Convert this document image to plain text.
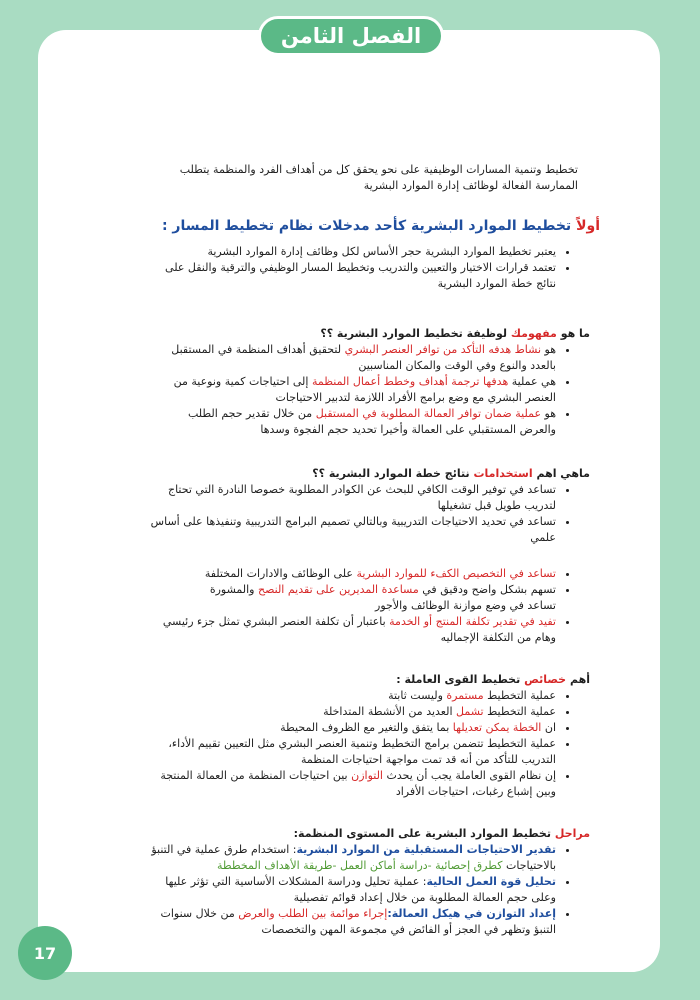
الفصل الثامن

تخطيط وتنمية المسارات الوظيفية على نحو يحقق كل من أهداف الفرد والمنظمة يتطلب الممارسة الفعالة لوظائف إدارة الموارد البشرية

أولاً تخطيط الموارد البشرية كأحد مدخلات نظام تخطيط المسار :
• يعتبر تخطيط الموارد البشرية حجر الأساس لكل وظائف إدارة الموارد البشرية
• تعتمد قرارات الاختيار والتعيين والتدريب وتخطيط المسار الوظيفي والترقية والنقل على نتائج خطة الموارد البشرية
ما هو مفهومك لوظيفة تخطيط الموارد البشرية ؟؟
• هو نشاط هدفه التأكد من توافر العنصر البشري لتحقيق أهداف المنظمة في المستقبل بالعدد والنوع وفي الوقت والمكان المناسبين
• هي عملية هدفها ترجمة أهداف وخطط أعمال المنظمة إلى احتياجات كمية ونوعية من العنصر البشري مع وضع برامج الأفراد اللازمة لتدبير الاحتياجات
• هو عملية ضمان توافر العمالة المطلوبة في المستقبل من خلال تقدير حجم الطلب والعرض المستقبلي على العمالة وأخيرا تحديد حجم الفجوة وسدها
ماهي اهم استخدامات نتائج خطة الموارد البشرية ؟؟
• تساعد في توفير الوقت الكافي للبحث عن الكوادر المطلوبة خصوصا النادرة التي تحتاج لتدريب طويل قبل تشغيلها
• تساعد في تحديد الاحتياجات التدريبية وبالتالي تصميم البرامج التدريبية وتنفيذها على أساس علمي
• تساعد في التخصيص الكفء للموارد البشرية على الوظائف والادارات المختلفة
• تسهم بشكل واضح ودقيق في مساعدة المديرين على تقديم النصح والمشورة
تساعد في وضع موازنة الوظائف والأجور
• تفيد في تقدير تكلفة المنتج أو الخدمة باعتبار أن تكلفة العنصر البشري تمثل جزء رئيسي وهام من التكلفة الإجماليه
أهم خصائص تخطيط القوى العاملة :
• عملية التخطيط مستمرة وليست ثابتة
• عملية التخطيط تشمل العديد من الأنشطة المتداخلة
• ان الخطة يمكن تعديلها بما يتفق والتغير مع الظروف المحيطة
• عملية التخطيط تتضمن برامج التخطيط وتنمية العنصر البشري مثل التعيين تقييم الأداء، التدريب للتأكد من أنه قد تمت مواجهة احتياجات المنظمة
• إن نظام القوى العاملة يجب أن يحدث التوازن بين احتياجات المنظمة من العمالة المنتجة وبين إشباع رغبات، احتياجات الأفراد
مراحل تخطيط الموارد البشرية على المستوى المنظمة:
• تقدير الاحتياجات المستقبلية من الموارد البشرية: استخدام طرق عملية في التنبؤ بالاحتياجات كطرق إحصائية -دراسة أماكن العمل -طريقة الأهداف المخططة
• تحليل قوة العمل الحالية: عملية تحليل ودراسة المشكلات الأساسية التي تؤثر عليها وعلى حجم العمالة المطلوبة من خلال إعداد قوائم تفصيلية
• إعداد التوازن في هيكل العمالة:إجراء موائمة بين الطلب والعرض من خلال سنوات التنبؤ وتظهر في العجز أو الفائض في مجموعة المهن والتخصصات
17
